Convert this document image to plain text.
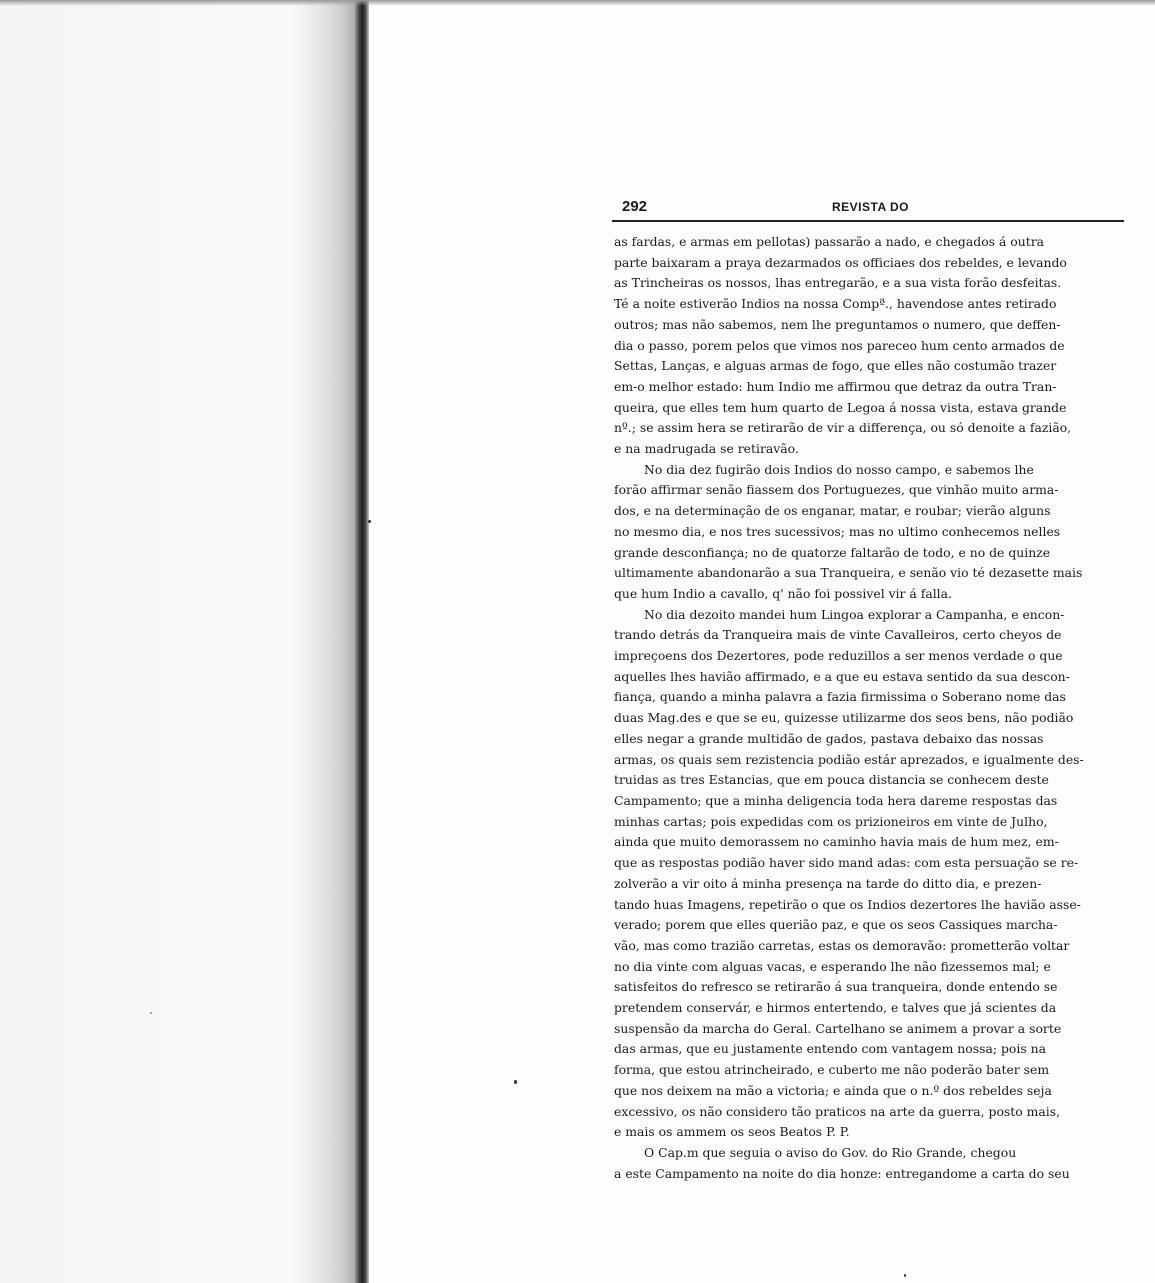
292	REVISTA DO
as fardas, e armas em pellotas) passarão a nado, e chegados á outra
parte baixaram a praya dezarmados os officiaes dos rebeldes, e levando
as Trincheiras os nossos, lhas entregarão, e a sua vista forão desfeitas.
Té a noite estiverão Indios na nossa Compª., havendose antes retirado
outros; mas não sabemos, nem lhe preguntamos o numero, que deffen-
dia o passo, porem pelos que vimos nos pareceo hum cento armados de
Settas, Lanças, e alguas armas de fogo, que elles não costumão trazer
em-o melhor estado: hum Indio me affirmou que detraz da outra Tran-
queira, que elles tem hum quarto de Legoa á nossa vista, estava grande
nº.; se assim hera se retirarão de vir a differença, ou só denoite a fazião,
e na madrugada se retiravão.
No dia dez fugirão dois Indios do nosso campo, e sabemos lhe
forão affirmar senão fiassem dos Portuguezes, que vinhão muito arma-
dos, e na determinação de os enganar, matar, e roubar; vierão alguns
no mesmo dia, e nos tres sucessivos; mas no ultimo conhecemos nelles
grande desconfiança; no de quatorze faltarão de todo, e no de quinze
ultimamente abandonarão a sua Tranqueira, e senão vio té dezasette mais
que hum Indio a cavallo, q' não foi possivel vir á falla.
No dia dezoito mandei hum Lingoa explorar a Campanha, e encon-
trando detrás da Tranqueira mais de vinte Cavalleiros, certo cheyos de
impreçoens dos Dezertores, pode reduzillos a ser menos verdade o que
aquelles lhes havião affirmado, e a que eu estava sentido da sua descon-
fiança, quando a minha palavra a fazia firmissima o Soberano nome das
duas Mag.des e que se eu, quizesse utilizarme dos seos bens, não podião
elles negar a grande multidão de gados, pastava debaixo das nossas
armas, os quais sem rezistencia podião estár aprezados, e igualmente des-
truidas as tres Estancias, que em pouca distancia se conhecem deste
Campamento; que a minha deligencia toda hera dareme respostas das
minhas cartas; pois expedidas com os prizioneiros em vinte de Julho,
ainda que muito demorassem no caminho havia mais de hum mez, em-
que as respostas podião haver sido mand adas: com esta persuação se re-
zolverão a vir oito á minha presença na tarde do ditto dia, e prezen-
tando huas Imagens, repetirão o que os Indios dezertores lhe havião asse-
verado; porem que elles querião paz, e que os seos Cassiques marcha-
vão, mas como trazião carretas, estas os demoravão: prometterão voltar
no dia vinte com alguas vacas, e esperando lhe não fizessemos mal; e
satisfeitos do refresco se retirarão á sua tranqueira, donde entendo se
pretendem conservár, e hirmos entertendo, e talves que já scientes da
suspensão da marcha do Geral. Cartelhano se animem a provar a sorte
das armas, que eu justamente entendo com vantagem nossa; pois na
forma, que estou atrincheirado, e cuberto me não poderão bater sem
que nos deixem na mão a victoria; e ainda que o n.º dos rebeldes seja
excessivo, os não considero tão praticos na arte da guerra, posto mais,
e mais os ammem os seos Beatos P. P.
O Cap.m que seguia o aviso do Gov. do Rio Grande, chegou
a este Campamento na noite do dia honze: entregandome a carta do seu
